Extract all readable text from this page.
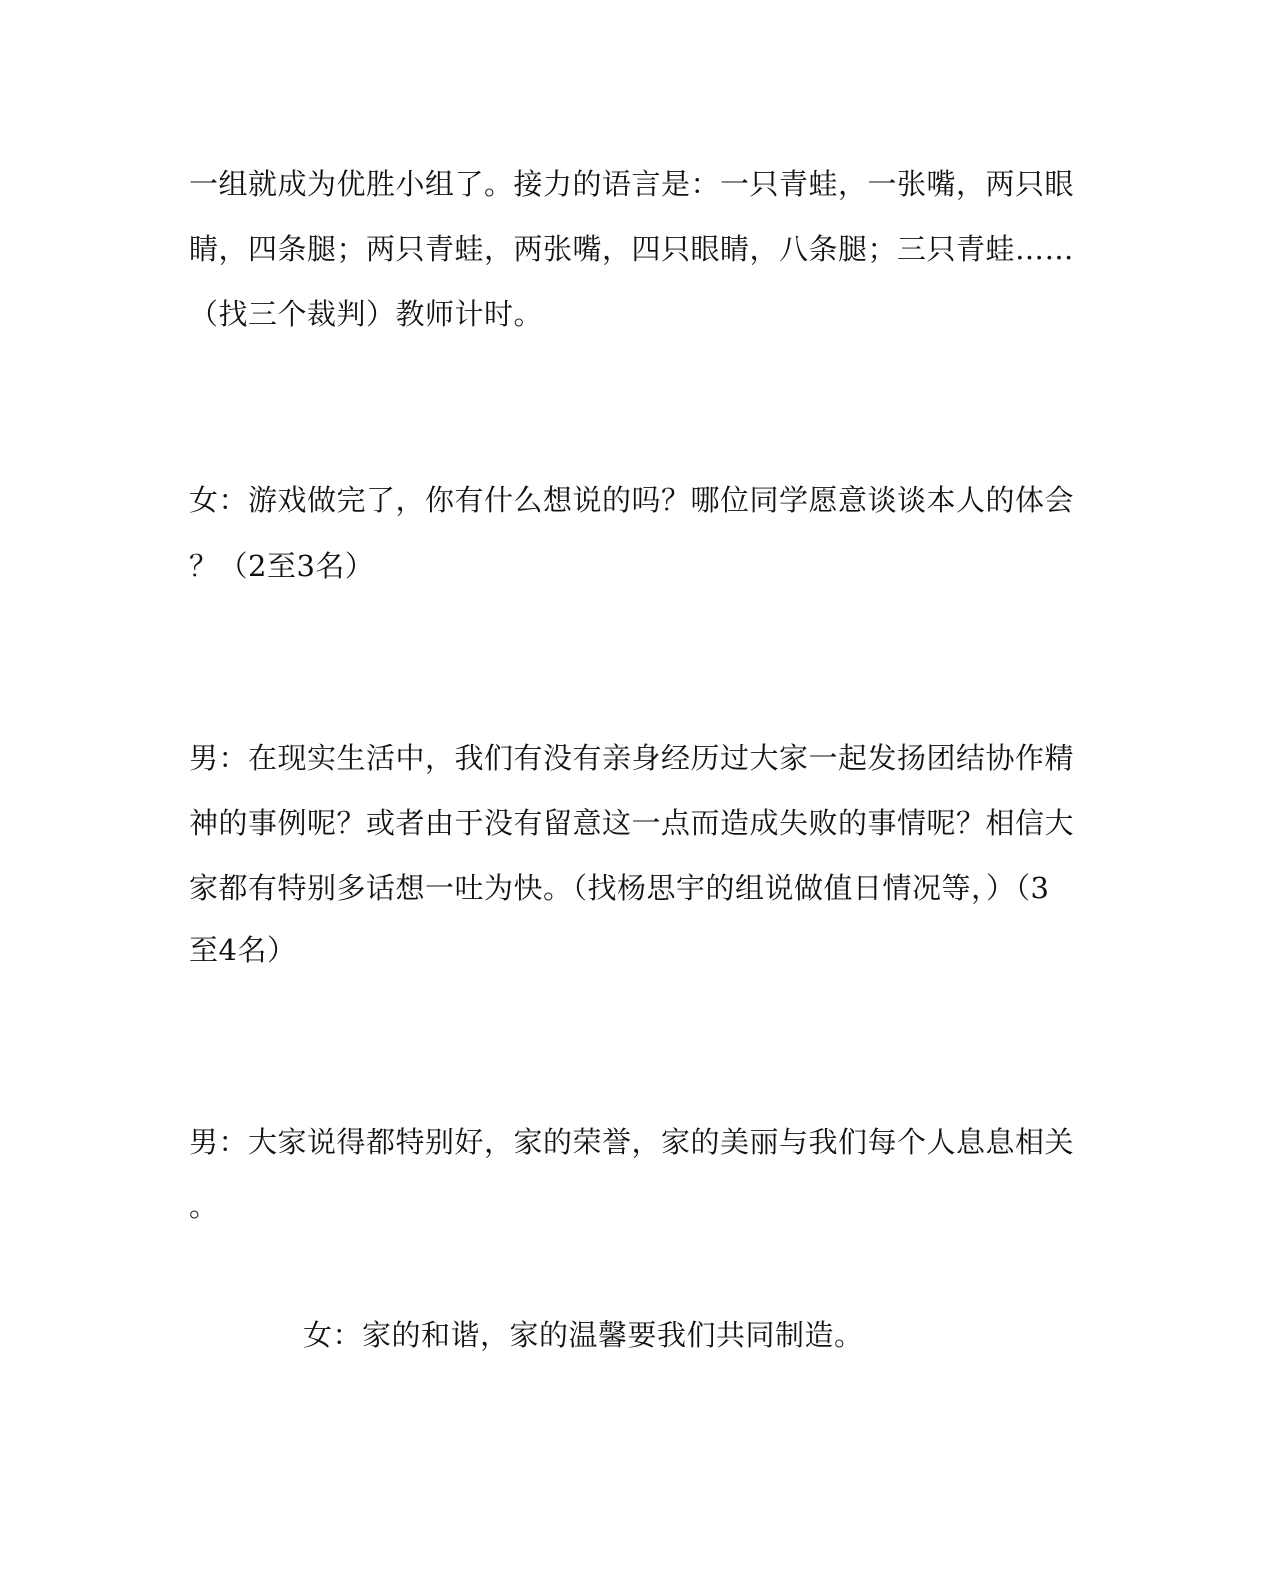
一组就成为优胜小组了。接力的语言是：一只青蛙，一张嘴，两只眼
睛，四条腿；两只青蛙，两张嘴，四只眼睛，八条腿；三只青蛙……
（找三个裁判）教师计时。
女：游戏做完了，你有什么想说的吗？哪位同学愿意谈谈本人的体会
？（2至3名）
男：在现实生活中，我们有没有亲身经历过大家一起发扬团结协作精
神的事例呢？或者由于没有留意这一点而造成失败的事情呢？相信大
家都有特别多话想一吐为快。（找杨思宇的组说做值日情况等，）（3
至4名）
男：大家说得都特别好，家的荣誉，家的美丽与我们每个人息息相关
。
女：家的和谐，家的温馨要我们共同制造。
